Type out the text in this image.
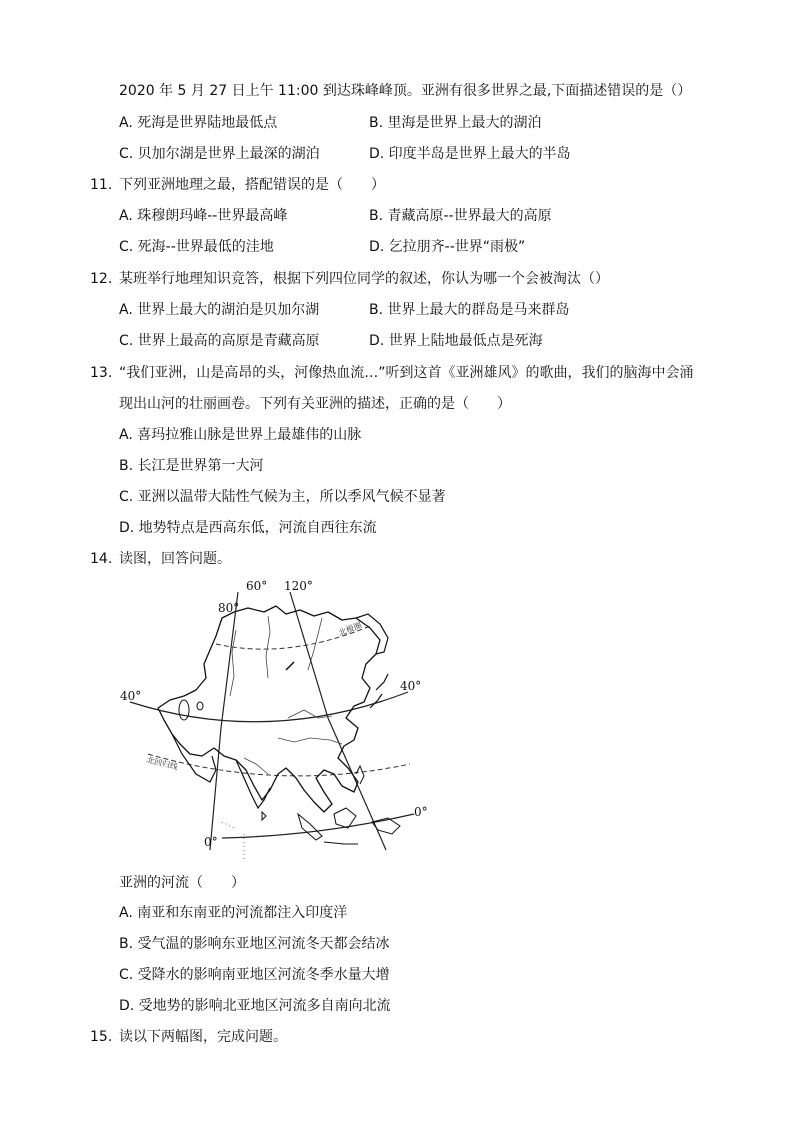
2020 年 5 月 27 日上午 11:00 到达珠峰峰顶。亚洲有很多世界之最,下面描述错误的是（）
A. 死海是世界陆地最低点	B. 里海是世界上最大的湖泊
C. 贝加尔湖是世界上最深的湖泊	D. 印度半岛是世界上最大的半岛
11. 下列亚洲地理之最，搭配错误的是（　　）
A. 珠穆朗玛峰--世界最高峰	B. 青藏高原--世界最大的高原
C. 死海--世界最低的洼地	D. 乞拉朋齐--世界“雨极”
12. 某班举行地理知识竞答，根据下列四位同学的叙述，你认为哪一个会被淘汰（）
A. 世界上最大的湖泊是贝加尔湖	B. 世界上最大的群岛是马来群岛
C. 世界上最高的高原是青藏高原	D. 世界上陆地最低点是死海
13. “我们亚洲，山是高昂的头，河像热血流…”听到这首《亚洲雄风》的歌曲，我们的脑海中会涌
现出山河的壮丽画卷。下列有关亚洲的描述，正确的是（　　）
A. 喜玛拉雅山脉是世界上最雄伟的山脉
B. 长江是世界第一大河
C. 亚洲以温带大陆性气候为主，所以季风气候不显著
D. 地势特点是西高东低，河流自西往东流
14. 读图，回答问题。
60° 120°
80°
40°
40°
0°
0°
北回归线
北极圈
亚洲的河流（　　）
A. 南亚和东南亚的河流都注入印度洋
B. 受气温的影响东亚地区河流冬天都会结冰
C. 受降水的影响南亚地区河流冬季水量大增
D. 受地势的影响北亚地区河流多自南向北流
15. 读以下两幅图，完成问题。
